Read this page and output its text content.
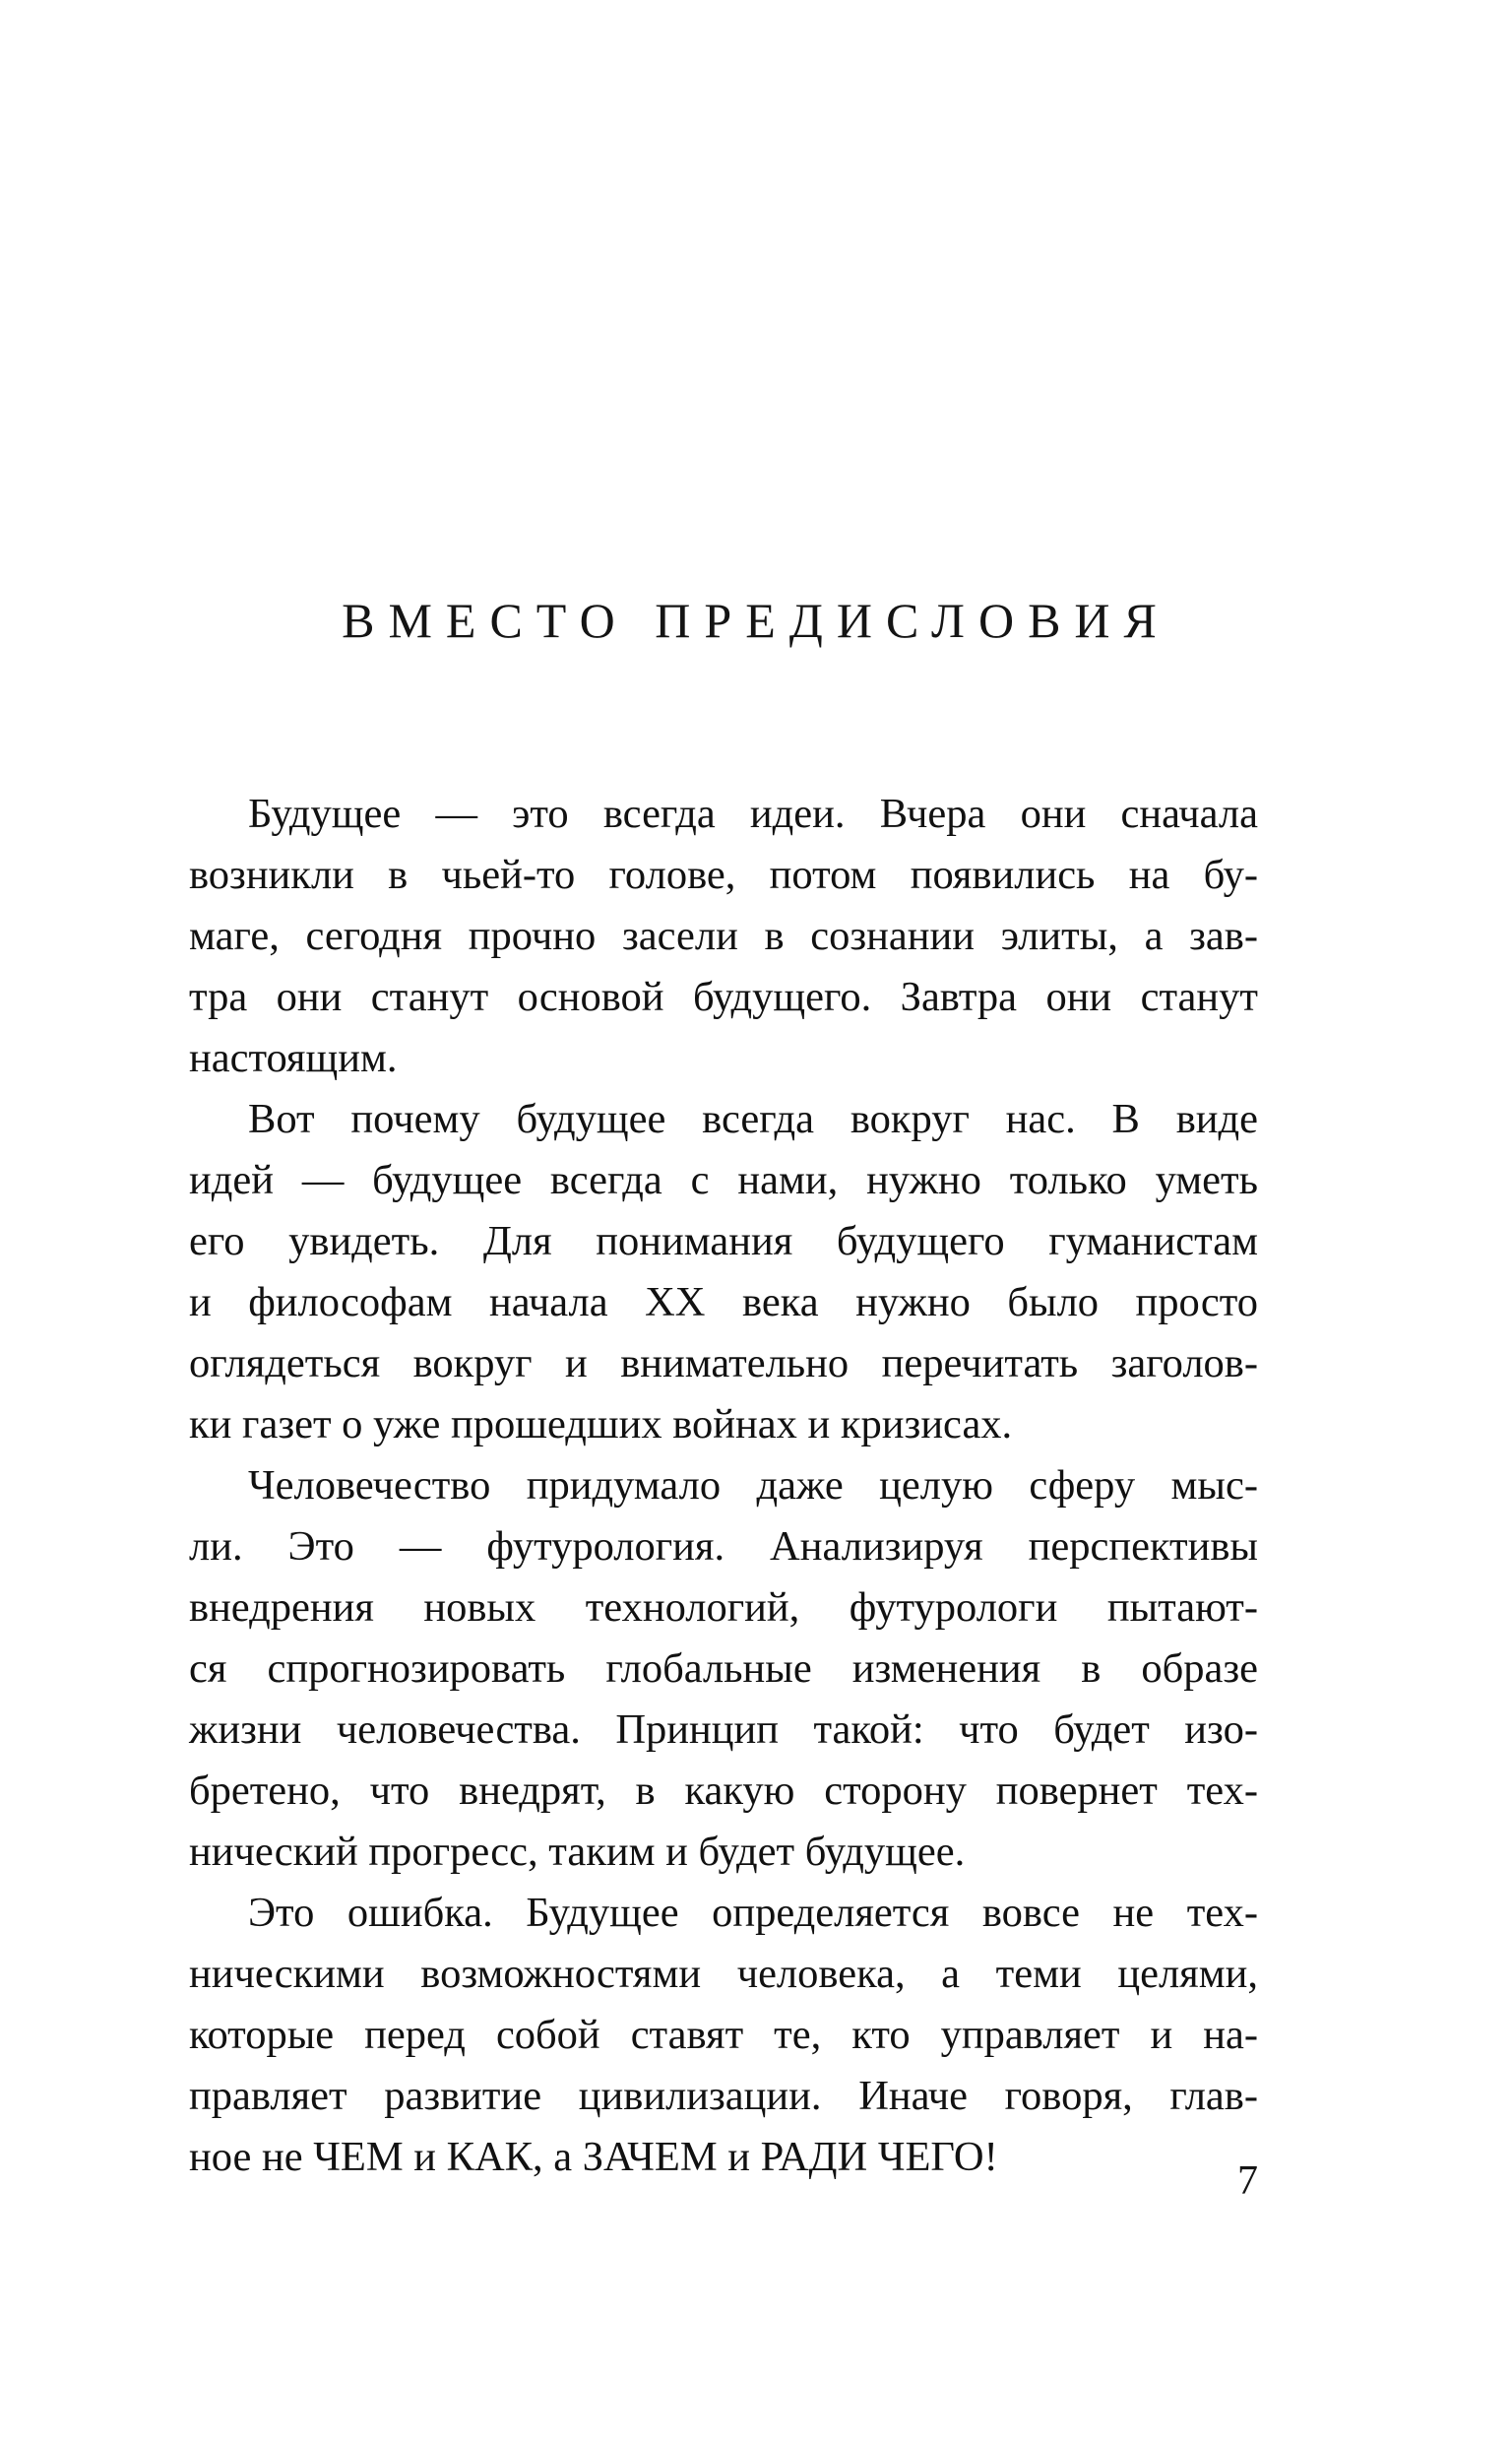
ВМЕСТО ПРЕДИСЛОВИЯ
Будущее — это всегда идеи. Вчера они сначала
возникли в чьей-то голове, потом появились на бу-
маге, сегодня прочно засели в сознании элиты, а зав-
тра они станут основой будущего. Завтра они станут
настоящим.
Вот почему будущее всегда вокруг нас. В виде
идей — будущее всегда с нами, нужно только уметь
его увидеть. Для понимания будущего гуманистам
и философам начала XX века нужно было просто
оглядеться вокруг и внимательно перечитать заголов-
ки газет о уже прошедших войнах и кризисах.
Человечество придумало даже целую сферу мыс-
ли. Это — футурология. Анализируя перспективы
внедрения новых технологий, футурологи пытают-
ся спрогнозировать глобальные изменения в образе
жизни человечества. Принцип такой: что будет изо-
бретено, что внедрят, в какую сторону повернет тех-
нический прогресс, таким и будет будущее.
Это ошибка. Будущее определяется вовсе не тех-
ническими возможностями человека, а теми целями,
которые перед собой ставят те, кто управляет и на-
правляет развитие цивилизации. Иначе говоря, глав-
ное не ЧЕМ и КАК, а ЗАЧЕМ и РАДИ ЧЕГО!
7
